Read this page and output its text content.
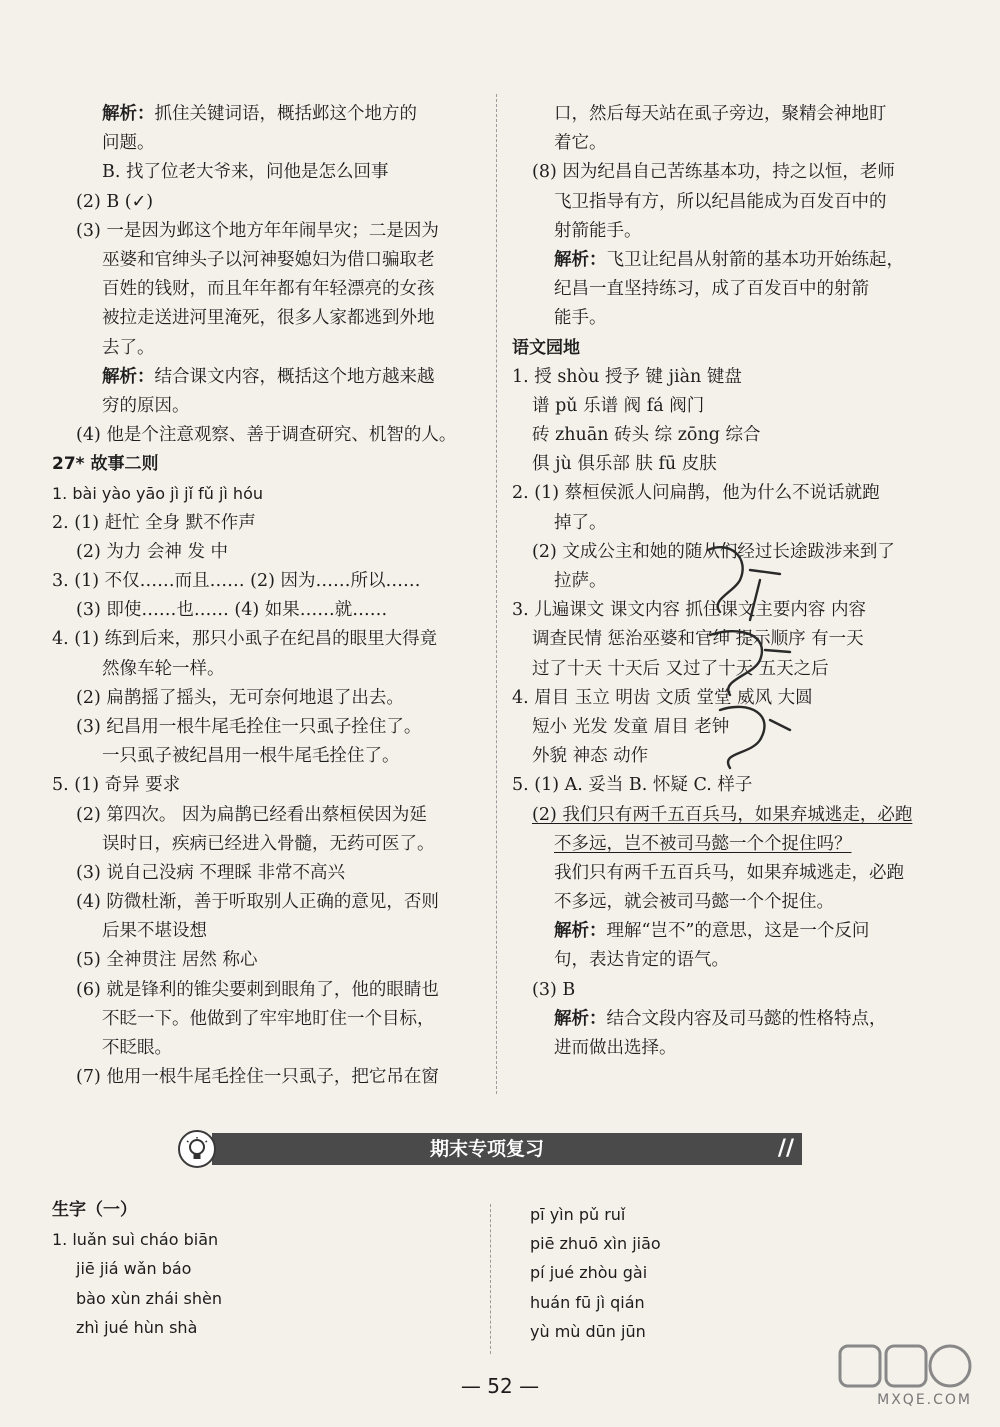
解析：抓住关键词语，概括邺这个地方的
问题。
B. 找了位老大爷来，问他是怎么回事
(2) B (✓)
(3) 一是因为邺这个地方年年闹旱灾；二是因为
巫婆和官绅头子以河神娶媳妇为借口骗取老
百姓的钱财，而且年年都有年轻漂亮的女孩
被拉走送进河里淹死，很多人家都逃到外地
去了。
解析：结合课文内容，概括这个地方越来越
穷的原因。
(4) 他是个注意观察、善于调查研究、机智的人。
27* 故事二则
1. bài yào yāo jì jǐ fǔ jì hóu
2. (1) 赶忙 全身 默不作声
(2) 为力 会神 发 中
3. (1) 不仅……而且…… (2) 因为……所以……
(3) 即使……也…… (4) 如果……就……
4. (1) 练到后来，那只小虱子在纪昌的眼里大得竟
然像车轮一样。
(2) 扁鹊摇了摇头，无可奈何地退了出去。
(3) 纪昌用一根牛尾毛拴住一只虱子拴住了。
一只虱子被纪昌用一根牛尾毛拴住了。
5. (1) 奇异 要求
(2) 第四次。 因为扁鹊已经看出蔡桓侯因为延
误时日，疾病已经进入骨髓，无药可医了。
(3) 说自己没病 不理睬 非常不高兴
(4) 防微杜渐，善于听取别人正确的意见，否则
后果不堪设想
(5) 全神贯注 居然 称心
(6) 就是锋利的锥尖要刺到眼角了，他的眼睛也
不眨一下。他做到了牢牢地盯住一个目标，
不眨眼。
(7) 他用一根牛尾毛拴住一只虱子，把它吊在窗
口，然后每天站在虱子旁边，聚精会神地盯
着它。
(8) 因为纪昌自己苦练基本功，持之以恒，老师
飞卫指导有方，所以纪昌能成为百发百中的
射箭能手。
解析：飞卫让纪昌从射箭的基本功开始练起，
纪昌一直坚持练习，成了百发百中的射箭
能手。
语文园地
1. 授 shòu 授予 键 jiàn 键盘
谱 pǔ 乐谱 阀 fá 阀门
砖 zhuān 砖头 综 zōng 综合
俱 jù 俱乐部 肤 fū 皮肤
2. (1) 蔡桓侯派人问扁鹊，他为什么不说话就跑
掉了。
(2) 文成公主和她的随从们经过长途跋涉来到了
拉萨。
3. 儿遍课文 课文内容 抓住课文主要内容 内容
调查民情 惩治巫婆和官绅 提示顺序 有一天
过了十天 十天后 又过了十天 五天之后
4. 眉目 玉立 明齿 文质 堂堂 威风 大圆
短小 光发 发童 眉目 老钟
外貌 神态 动作
5. (1) A. 妥当 B. 怀疑 C. 样子
(2) 我们只有两千五百兵马，如果弃城逃走，必跑
不多远，岂不被司马懿一个个捉住吗？
我们只有两千五百兵马，如果弃城逃走，必跑
不多远，就会被司马懿一个个捉住。
解析：理解“岂不”的意思，这是一个反问
句，表达肯定的语气。
(3) B
解析：结合文段内容及司马懿的性格特点，
进而做出选择。
期末专项复习	//
生字（一）
1. luǎn suì cháo biān
jiē jiá wǎn báo
bào xùn zhái shèn
zhì jué hùn shà
pī yìn pǔ ruǐ
piē zhuō xìn jiāo
pí jué zhòu gài
huán fū jì qián
yù mù dūn jūn
— 52 —
MXQE.COM
